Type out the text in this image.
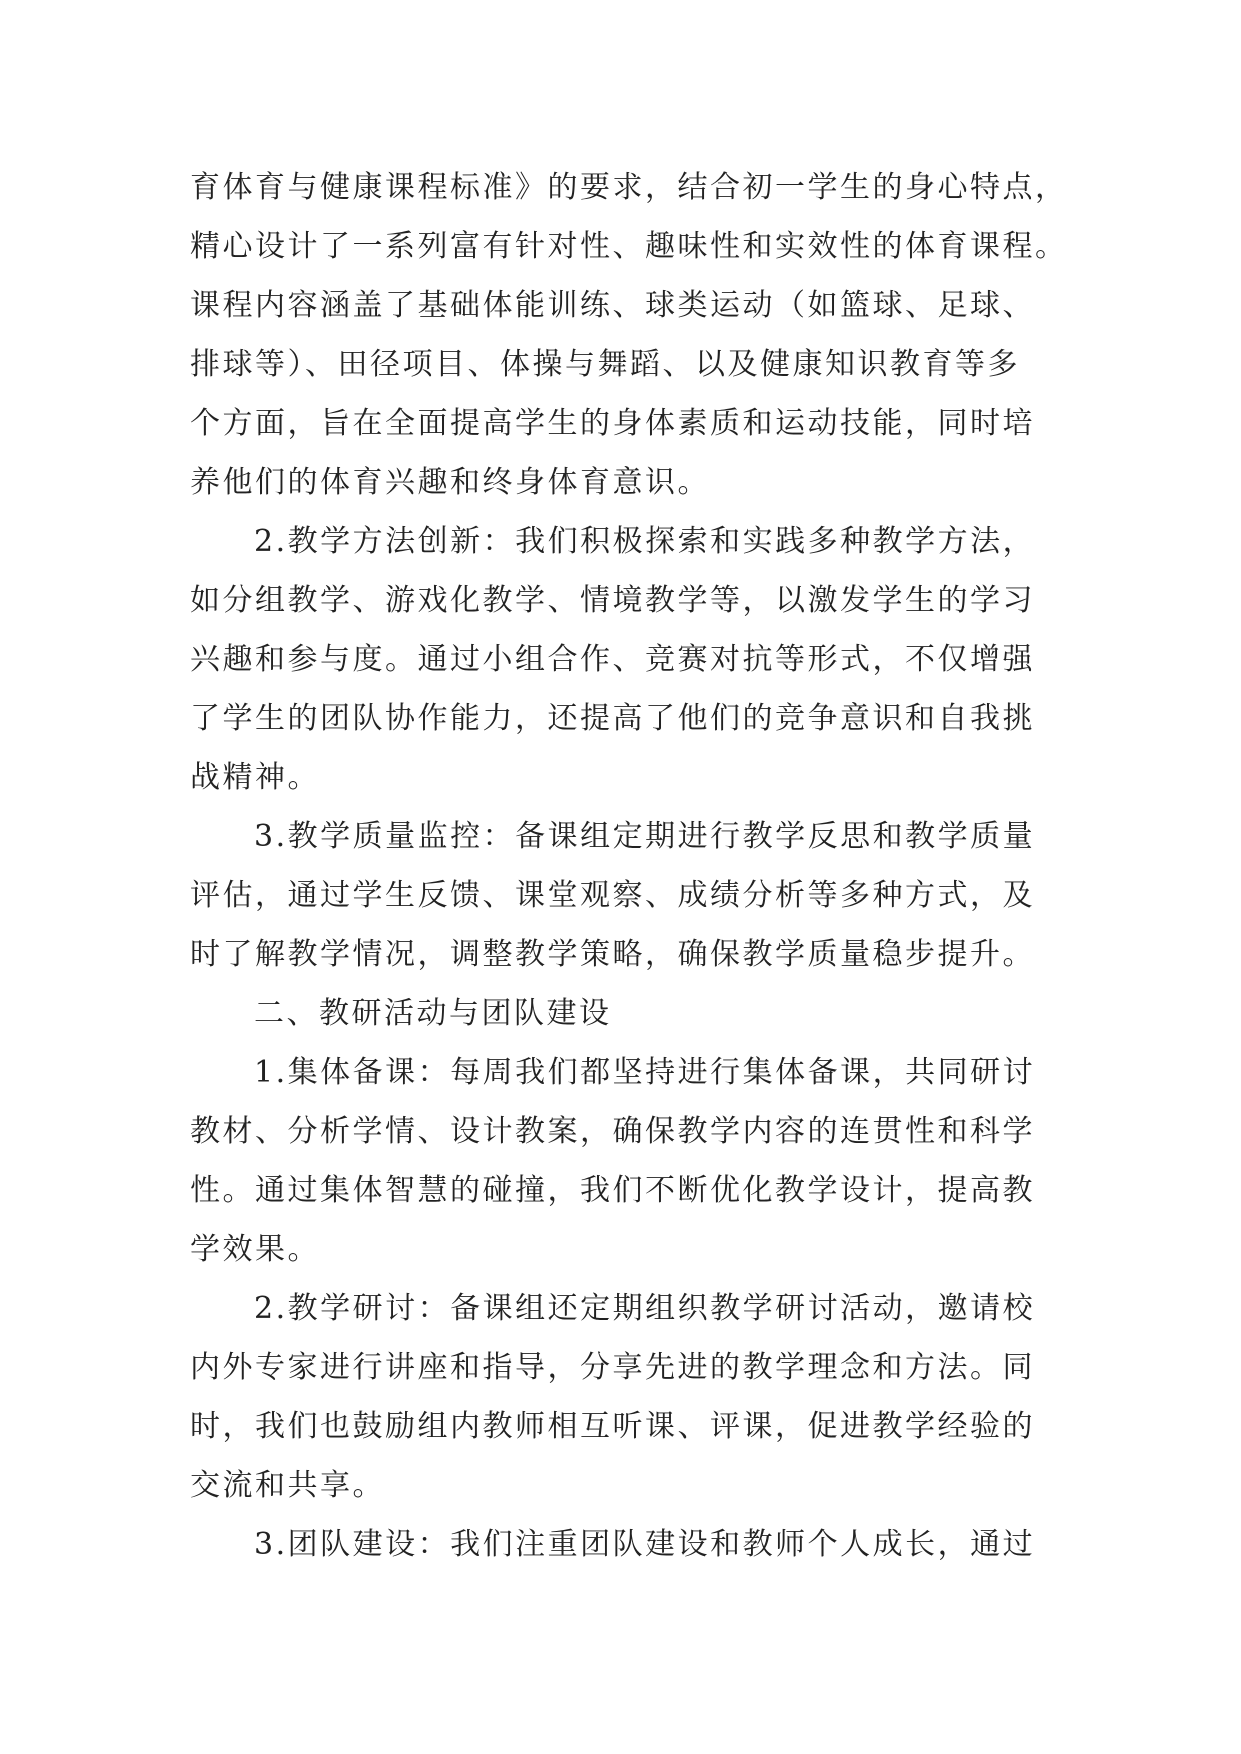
育体育与健康课程标准》的要求，结合初一学生的身心特点，
精心设计了一系列富有针对性、趣味性和实效性的体育课程。
课程内容涵盖了基础体能训练、球类运动（如篮球、足球、
排球等）、田径项目、体操与舞蹈、以及健康知识教育等多
个方面，旨在全面提高学生的身体素质和运动技能，同时培
养他们的体育兴趣和终身体育意识。
2.教学方法创新：我们积极探索和实践多种教学方法，
如分组教学、游戏化教学、情境教学等，以激发学生的学习
兴趣和参与度。通过小组合作、竞赛对抗等形式，不仅增强
了学生的团队协作能力，还提高了他们的竞争意识和自我挑
战精神。
3.教学质量监控：备课组定期进行教学反思和教学质量
评估，通过学生反馈、课堂观察、成绩分析等多种方式，及
时了解教学情况，调整教学策略，确保教学质量稳步提升。
二、教研活动与团队建设
1.集体备课：每周我们都坚持进行集体备课，共同研讨
教材、分析学情、设计教案，确保教学内容的连贯性和科学
性。通过集体智慧的碰撞，我们不断优化教学设计，提高教
学效果。
2.教学研讨：备课组还定期组织教学研讨活动，邀请校
内外专家进行讲座和指导，分享先进的教学理念和方法。同
时，我们也鼓励组内教师相互听课、评课，促进教学经验的
交流和共享。
3.团队建设：我们注重团队建设和教师个人成长，通过
